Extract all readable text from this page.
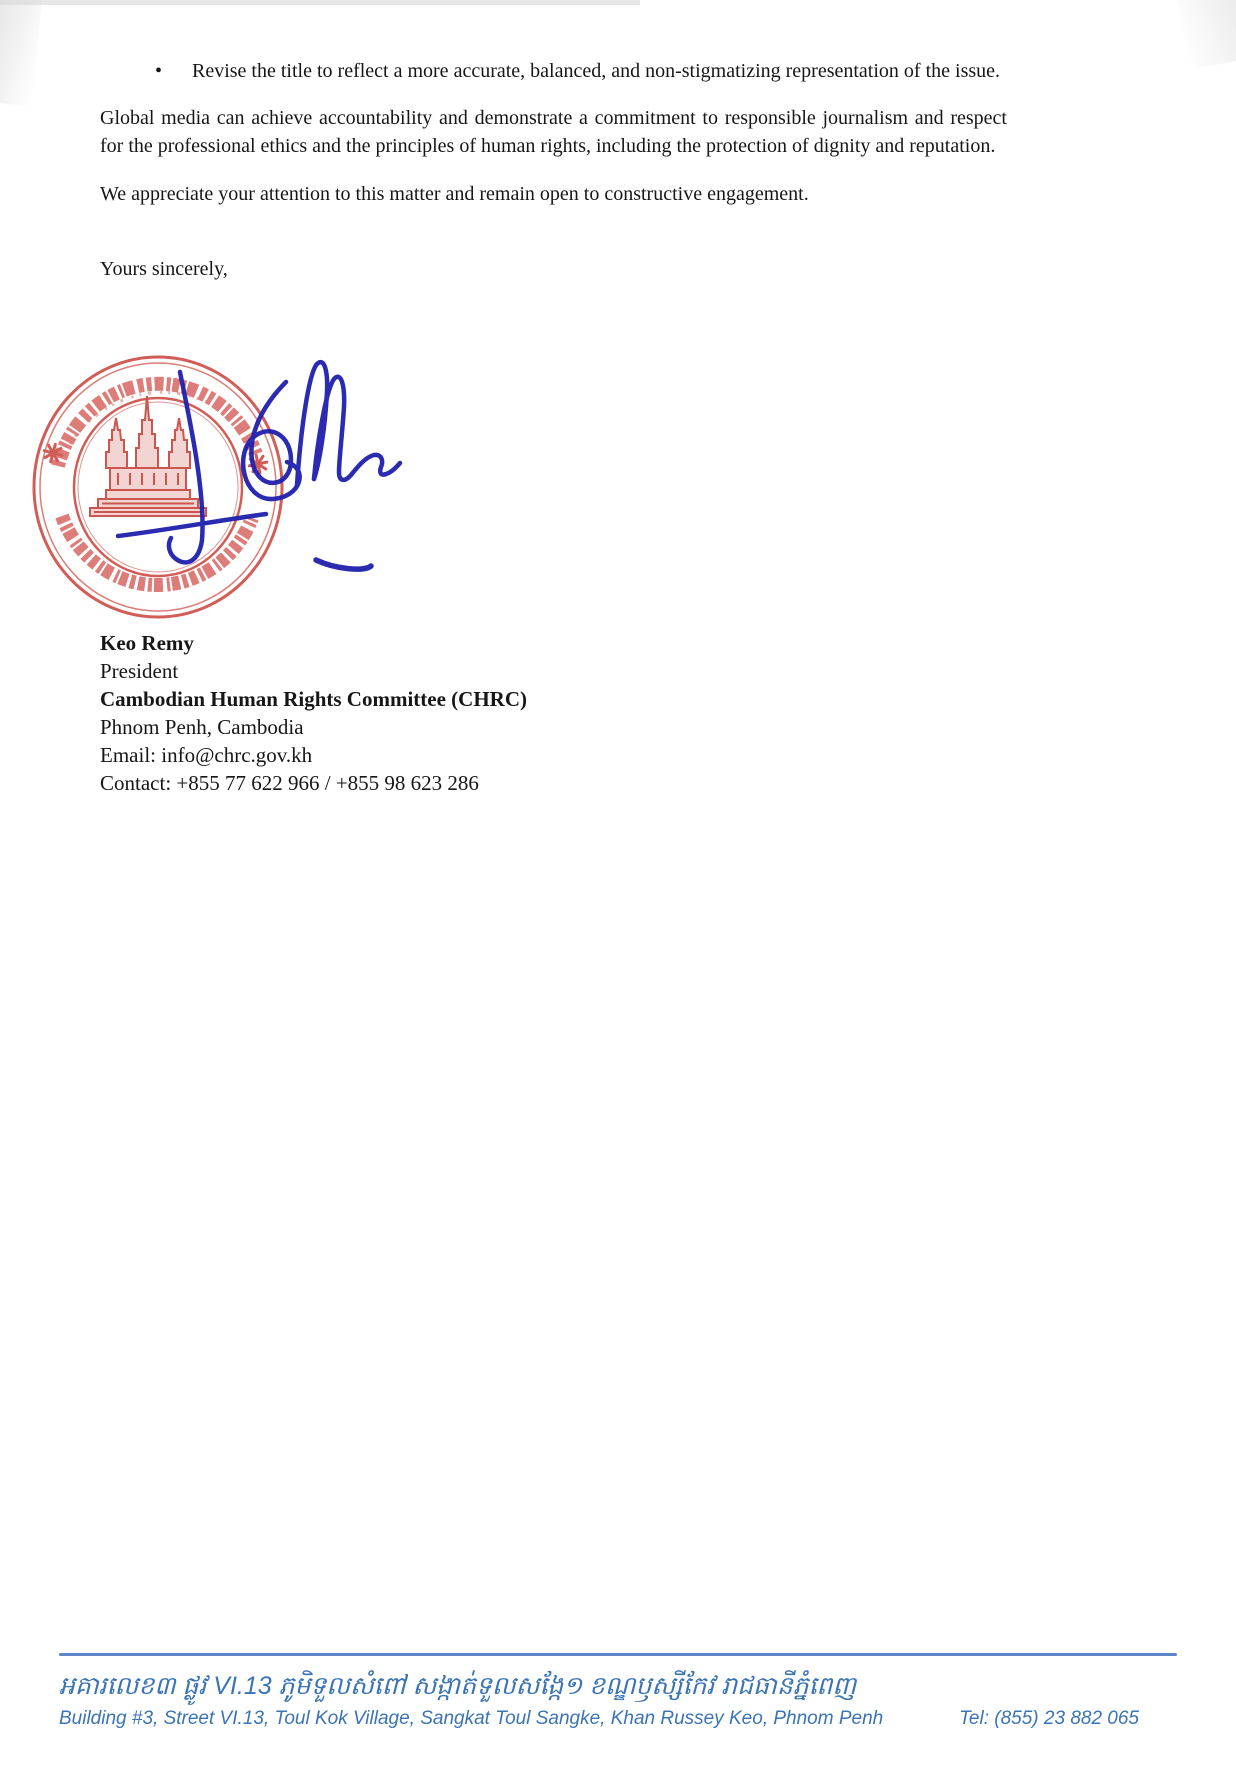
•	Revise the title to reflect a more accurate, balanced, and non-stigmatizing representation of the issue.

Global media can achieve accountability and demonstrate a commitment to responsible journalism and respect for the professional ethics and the principles of human rights, including the protection of dignity and reputation.

We appreciate your attention to this matter and remain open to constructive engagement.

Yours sincerely,

Keo Remy
President
Cambodian Human Rights Committee (CHRC)
Phnom Penh, Cambodia
Email: info@chrc.gov.kh
Contact: +855 77 622 966 / +855 98 623 286
អគារលេខ៣ ផ្លូវ VI.13 ភូមិទួលសំពៅ សង្កាត់ទួលសង្កែ១ ខណ្ឌឫស្សីកែវ រាជធានីភ្នំពេញ
Building #3, Street VI.13, Toul Kok Village, Sangkat Toul Sangke, Khan Russey Keo, Phnom Penh	Tel: (855) 23 882 065
